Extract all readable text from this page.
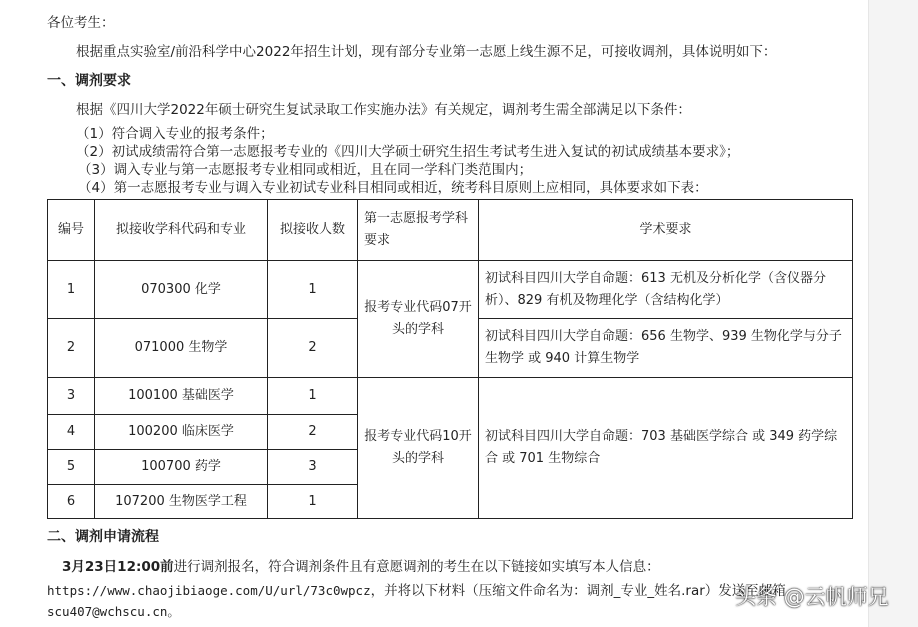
各位考生：
根据重点实验室/前沿科学中心2022年招生计划，现有部分专业第一志愿上线生源不足，可接收调剂，具体说明如下：
一、调剂要求
根据《四川大学2022年硕士研究生复试录取工作实施办法》有关规定，调剂考生需全部满足以下条件：
（1）符合调入专业的报考条件；
（2）初试成绩需符合第一志愿报考专业的《四川大学硕士研究生招生考试考生进入复试的初试成绩基本要求》；
（3）调入专业与第一志愿报考专业相同或相近，且在同一学科门类范围内；
（4）第一志愿报考专业与调入专业初试专业科目相同或相近，统考科目原则上应相同，具体要求如下表：
编号	拟接收学科代码和专业	拟接收人数	第一志愿报考学科要求	学术要求
1	070300 化学	1	报考专业代码07开头的学科	初试科目四川大学自命题：613 无机及分析化学（含仪器分析）、829 有机及物理化学（含结构化学）
2	071000 生物学	2		初试科目四川大学自命题：656 生物学、939 生物化学与分子生物学 或 940 计算生物学
3	100100 基础医学	1	报考专业代码10开头的学科	初试科目四川大学自命题：703 基础医学综合 或 349 药学综合 或 701 生物综合
4	100200 临床医学	2		
5	100700 药学	3		
6	107200 生物医学工程	1		
二、调剂申请流程
3月23日12:00前进行调剂报名，符合调剂条件且有意愿调剂的考生在以下链接如实填写本人信息：
https://www.chaojibiaoge.com/U/url/73c0wpcz，并将以下材料（压缩文件命名为：调剂_专业_姓名.rar）发送至邮箱
scu407@wchscu.cn。
头条 @云帆师兄
